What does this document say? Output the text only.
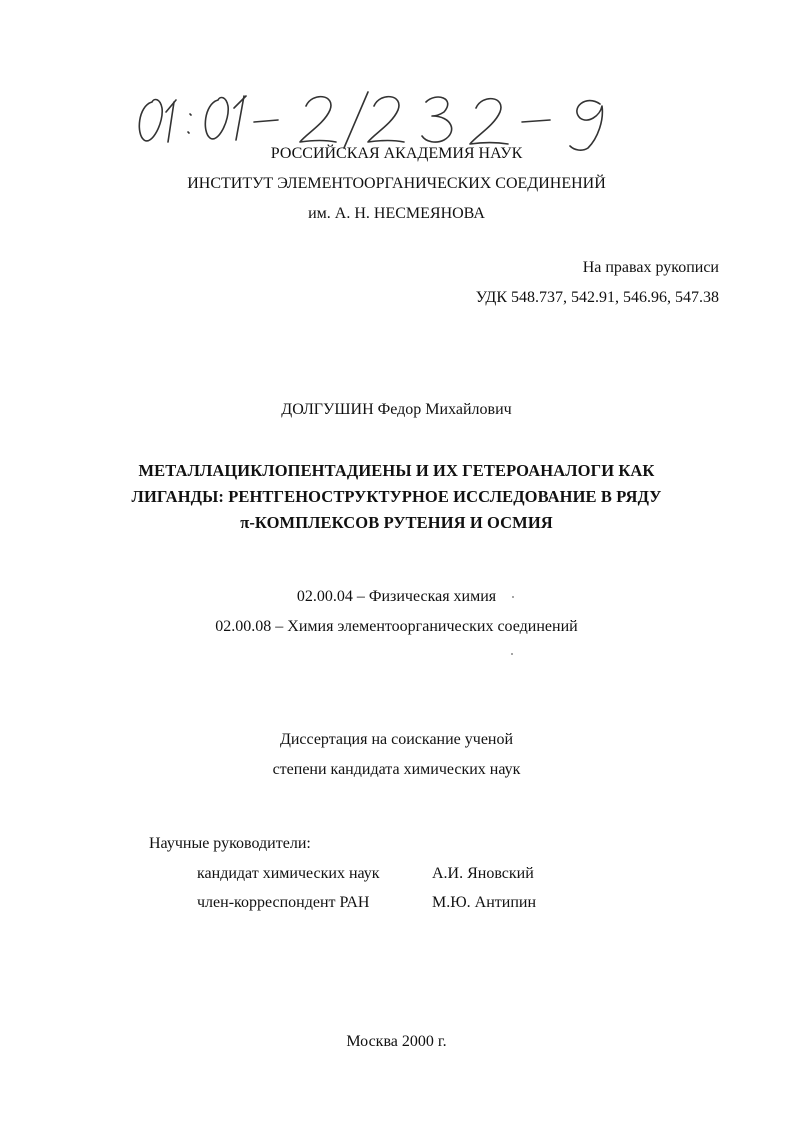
РОССИЙСКАЯ АКАДЕМИЯ НАУК
ИНСТИТУТ ЭЛЕМЕНТООРГАНИЧЕСКИХ СОЕДИНЕНИЙ
им. А. Н. НЕСМЕЯНОВА
На правах рукописи
УДК 548.737, 542.91, 546.96, 547.38
ДОЛГУШИН Федор Михайлович
МЕТАЛЛАЦИКЛОПЕНТАДИЕНЫ И ИХ ГЕТЕРОАНАЛОГИ КАК
ЛИГАНДЫ: РЕНТГЕНОСТРУКТУРНОЕ ИССЛЕДОВАНИЕ В РЯДУ
π-КОМПЛЕКСОВ РУТЕНИЯ И ОСМИЯ
02.00.04 – Физическая химия
02.00.08 – Химия элементоорганических соединений
Диссертация на соискание ученой
степени кандидата химических наук
Научные руководители:
кандидат химических наук	А.И. Яновский
член-корреспондент РАН	М.Ю. Антипин
Москва 2000 г.
